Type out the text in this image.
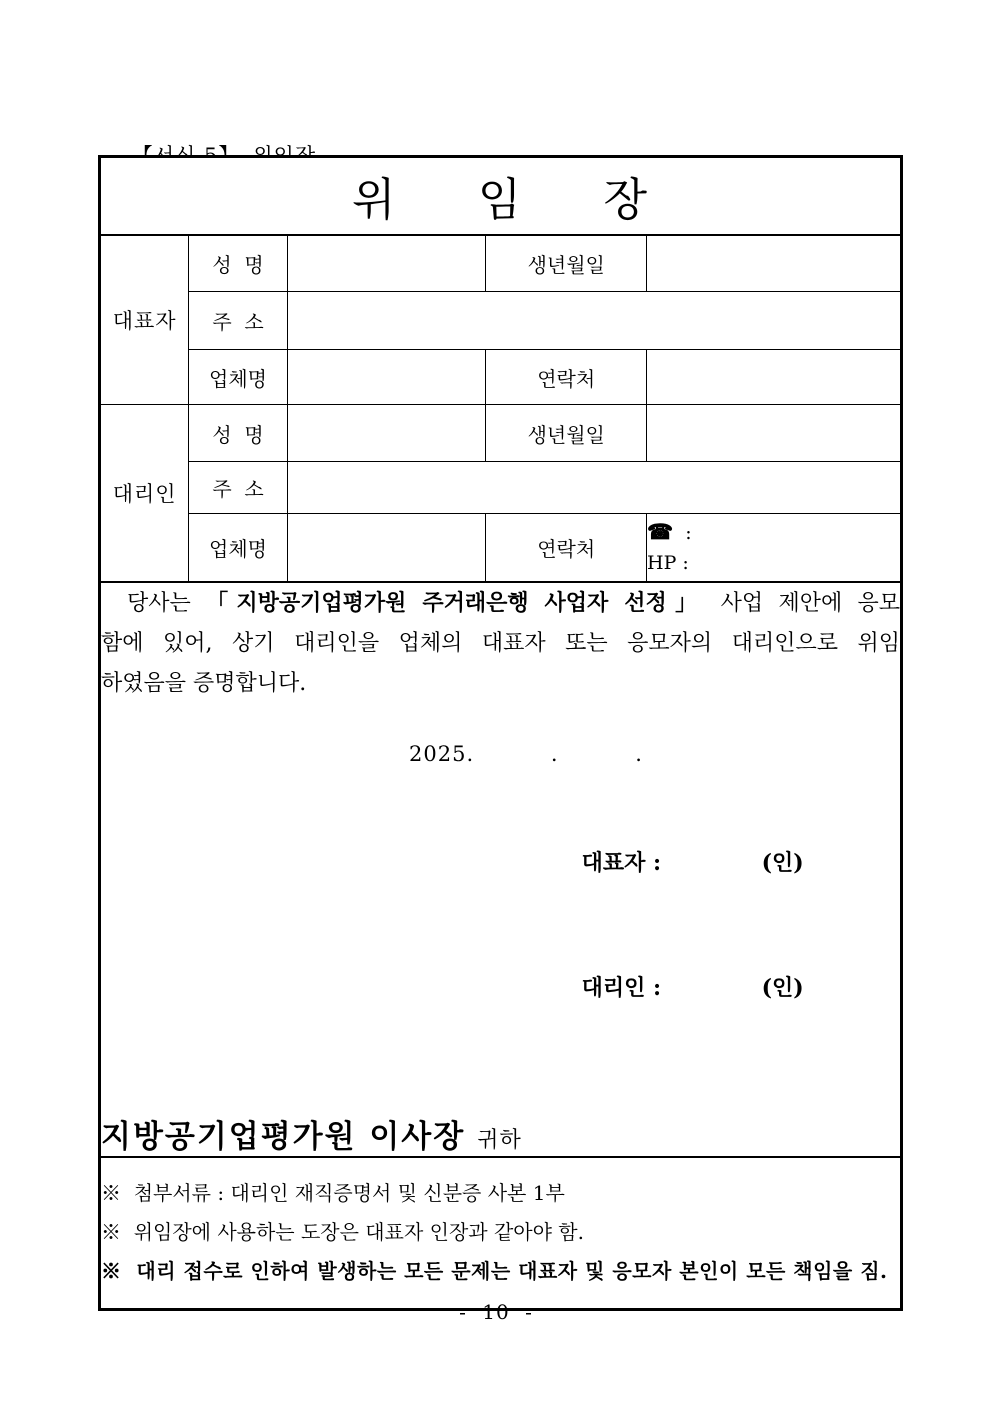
위 임 장				
대표자	성  명		생년월일	
	주  소			
	업체명		연락처	
대리인	성  명		생년월일	
	주  소			
	업체명		연락처	☎  :
HP :

당사는 「지방공기업평가원 주거래은행 사업자 선정」 사업 제안에 응모
함에 있어, 상기 대리인을 업체의 대표자 또는 응모자의 대리인으로 위임
하였음을 증명합니다.
2025.          .          .

대표자 :	(인)

대리인 :	(인)

지방공기업평가원 이사장 귀하

※  첨부서류 : 대리인 재직증명서 및 신분증 사본 1부
※  위임장에 사용하는 도장은 대표자 인장과 같아야 함.
※  대리 접수로 인하여 발생하는 모든 문제는 대표자 및 응모자 본인이 모든 책임을 짐.				
- 10 -
